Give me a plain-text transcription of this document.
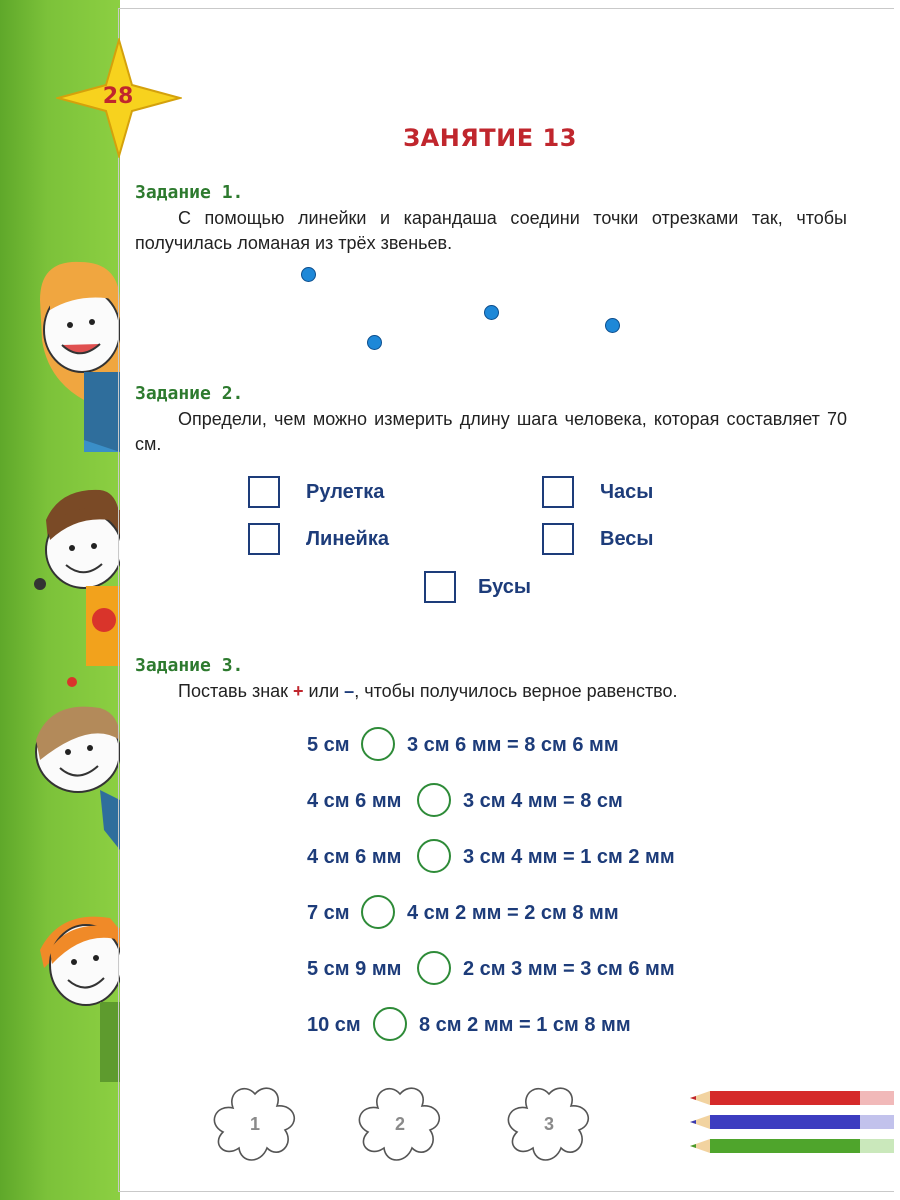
28
ЗАНЯТИЕ 13
Задание 1.
С помощью линейки и карандаша соедини точки отрезками так, чтобы получилась ломаная из трёх звеньев.
Задание 2.
Определи, чем можно измерить длину шага человека, которая составляет 70 см.
Рулетка	Часы
Линейка	Весы
Бусы
Задание 3.
Поставь знак + или –, чтобы получилось верное равенство.
5 см	3 см 6 мм = 8 см 6 мм
4 см 6 мм	3 см 4 мм = 8 см
4 см 6 мм	3 см 4 мм = 1 см 2 мм
7 см	4 см 2 мм = 2 см 8 мм
5 см 9 мм	2 см 3 мм = 3 см 6 мм
10 см	8 см 2 мм = 1 см 8 мм
1	2	3
